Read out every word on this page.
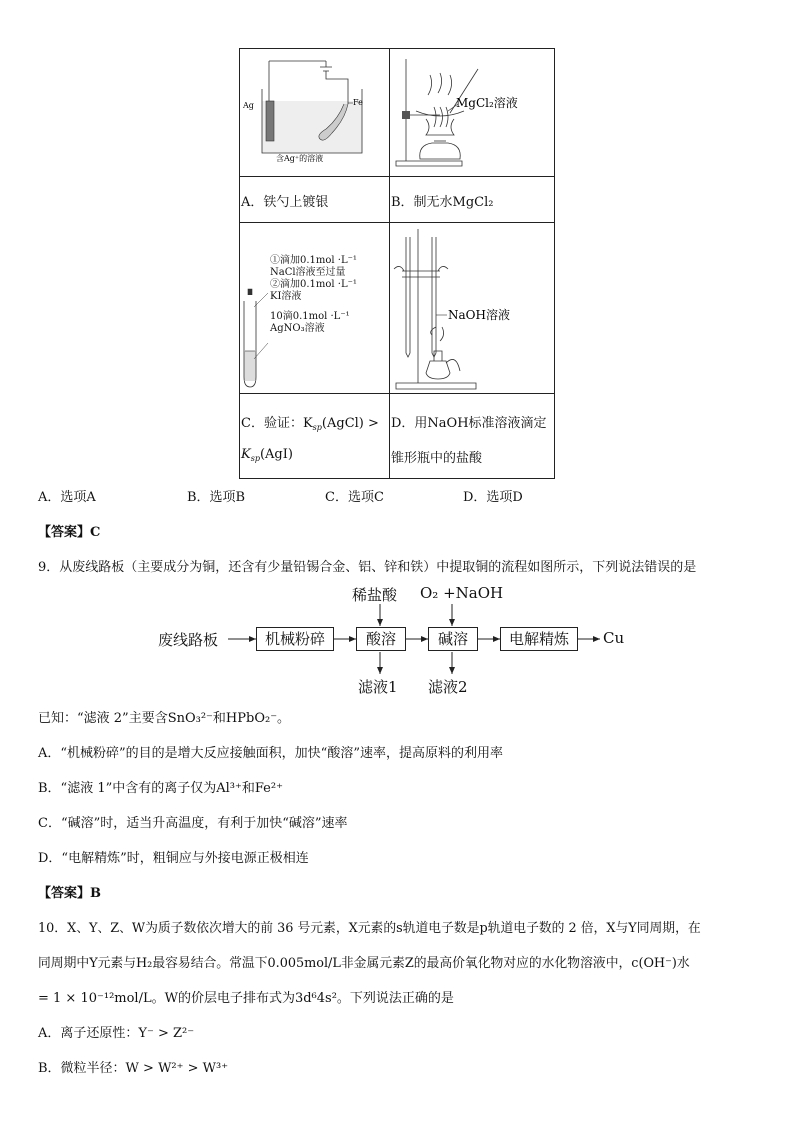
Ag	Fe
含Ag⁺的溶液
MgCl₂溶液
A．铁勺上镀银	B．制无水MgCl₂
①滴加0.1mol ·L⁻¹
NaCl溶液至过量
②滴加0.1mol ·L⁻¹
KI溶液
10滴0.1mol ·L⁻¹
AgNO₃溶液
NaOH溶液
C．验证：$K_{sp}(AgCl)$ >
$K_{sp}(AgI)$
D．用NaOH标准溶液滴定
锥形瓶中的盐酸
A．选项A	B．选项B	C．选项C	D．选项D
【答案】C
9．从废线路板（主要成分为铜，还含有少量铅锡合金、铝、锌和铁）中提取铜的流程如图所示，下列说法错误的是
废线路板	机械粉碎	酸溶	碱溶	电解精炼	Cu
稀盐酸 O₂ +NaOH
滤液1 滤液2
已知：“滤液 2”主要含SnO₃²⁻和HPbO₂⁻。
A．“机械粉碎”的目的是增大反应接触面积，加快“酸溶”速率，提高原料的利用率
B．“滤液 1”中含有的离子仅为Al³⁺和Fe²⁺
C．“碱溶”时，适当升高温度，有利于加快“碱溶”速率
D．“电解精炼”时，粗铜应与外接电源正极相连
【答案】B
10．X、Y、Z、W为质子数依次增大的前 36 号元素，X元素的s轨道电子数是p轨道电子数的 2 倍，X与Y同周期，在
同周期中Y元素与H₂最容易结合。常温下0.005mol/L非金属元素Z的最高价氧化物对应的水化物溶液中，c(OH⁻)水
= 1 × 10⁻¹²mol/L。W的价层电子排布式为3d⁶4s²。下列说法正确的是
A．离子还原性：Y⁻ > Z²⁻
B．微粒半径：W > W²⁺ > W³⁺
